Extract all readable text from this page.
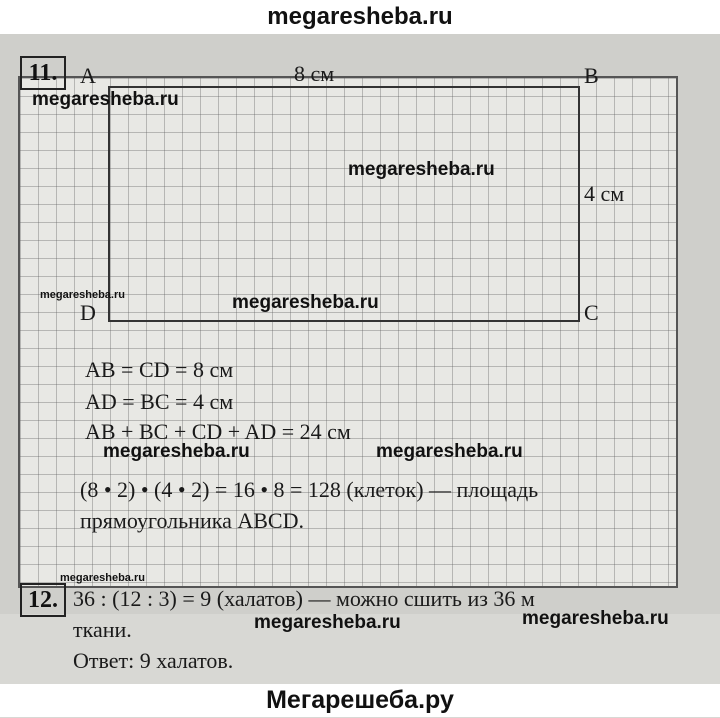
megaresheba.ru
11.	A	B
C
D
8 см
4 см
AB = CD = 8 см
AD = BC = 4 см
AB + BC + CD + AD = 24 см
(8 • 2) • (4 • 2) = 16 • 8 = 128 (клеток) — площадь
прямоугольника ABCD.
12. 36 : (12 : 3) = 9 (халатов) — можно сшить из 36 м
ткани.
Ответ: 9 халатов.
megaresheba.ru
megaresheba.ru
megaresheba.ru	megaresheba.ru
megaresheba.ru	megaresheba.ru
megaresheba.ru
megaresheba.ru	megaresheba.ru
Мегарешеба.ру
